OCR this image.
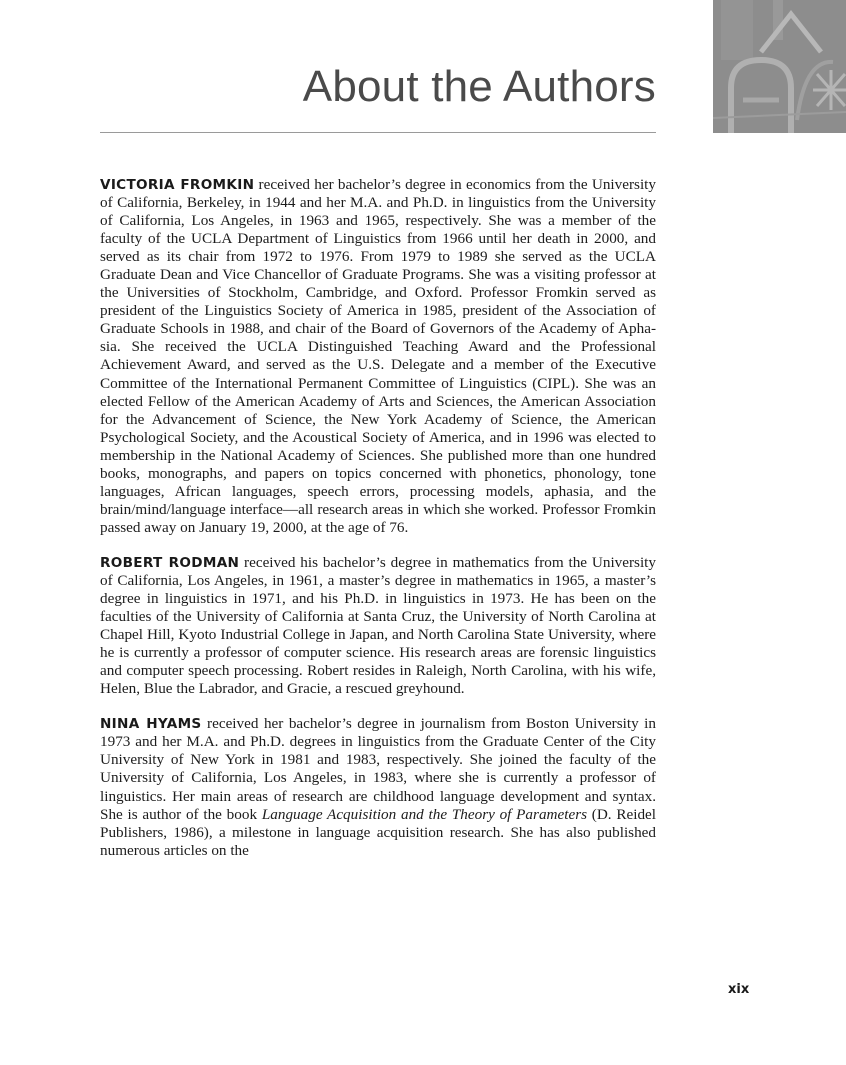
About the Authors

VICTORIA FROMKIN received her bachelor’s degree in economics from the University of California, Berkeley, in 1944 and her M.A. and Ph.D. in linguistics from the University of California, Los Angeles, in 1963 and 1965, respectively. She was a member of the faculty of the UCLA Department of Linguistics from 1966 until her death in 2000, and served as its chair from 1972 to 1976. From 1979 to 1989 she served as the UCLA Graduate Dean and Vice Chancellor of Graduate Programs. She was a visiting professor at the Universities of Stockholm, Cambridge, and Oxford. Professor Fromkin served as president of the Linguistics Society of America in 1985, president of the Association of Graduate Schools in 1988, and chair of the Board of Governors of the Academy of Aphasia. She received the UCLA Distinguished Teaching Award and the Professional Achievement Award, and served as the U.S. Delegate and a member of the Executive Committee of the International Permanent Committee of Linguistics (CIPL). She was an elected Fellow of the American Academy of Arts and Sciences, the American Association for the Advancement of Science, the New York Academy of Science, the American Psychological Society, and the Acoustical Society of America, and in 1996 was elected to membership in the National Academy of Sciences. She published more than one hundred books, monographs, and papers on topics concerned with phonetics, phonology, tone languages, African languages, speech errors, processing models, aphasia, and the brain/mind/language interface—all research areas in which she worked. Professor Fromkin passed away on January 19, 2000, at the age of 76.

ROBERT RODMAN received his bachelor’s degree in mathematics from the University of California, Los Angeles, in 1961, a master’s degree in mathematics in 1965, a master’s degree in linguistics in 1971, and his Ph.D. in linguistics in 1973. He has been on the faculties of the University of California at Santa Cruz, the University of North Carolina at Chapel Hill, Kyoto Industrial College in Japan, and North Carolina State University, where he is currently a professor of computer science. His research areas are forensic linguistics and computer speech processing. Robert resides in Raleigh, North Carolina, with his wife, Helen, Blue the Labrador, and Gracie, a rescued greyhound.

NINA HYAMS received her bachelor’s degree in journalism from Boston University in 1973 and her M.A. and Ph.D. degrees in linguistics from the Graduate Center of the City University of New York in 1981 and 1983, respectively. She joined the faculty of the University of California, Los Angeles, in 1983, where she is currently a professor of linguistics. Her main areas of research are childhood language development and syntax. She is author of the book Language Acquisition and the Theory of Parameters (D. Reidel Publishers, 1986), a milestone in language acquisition research. She has also published numerous articles on the

xix
